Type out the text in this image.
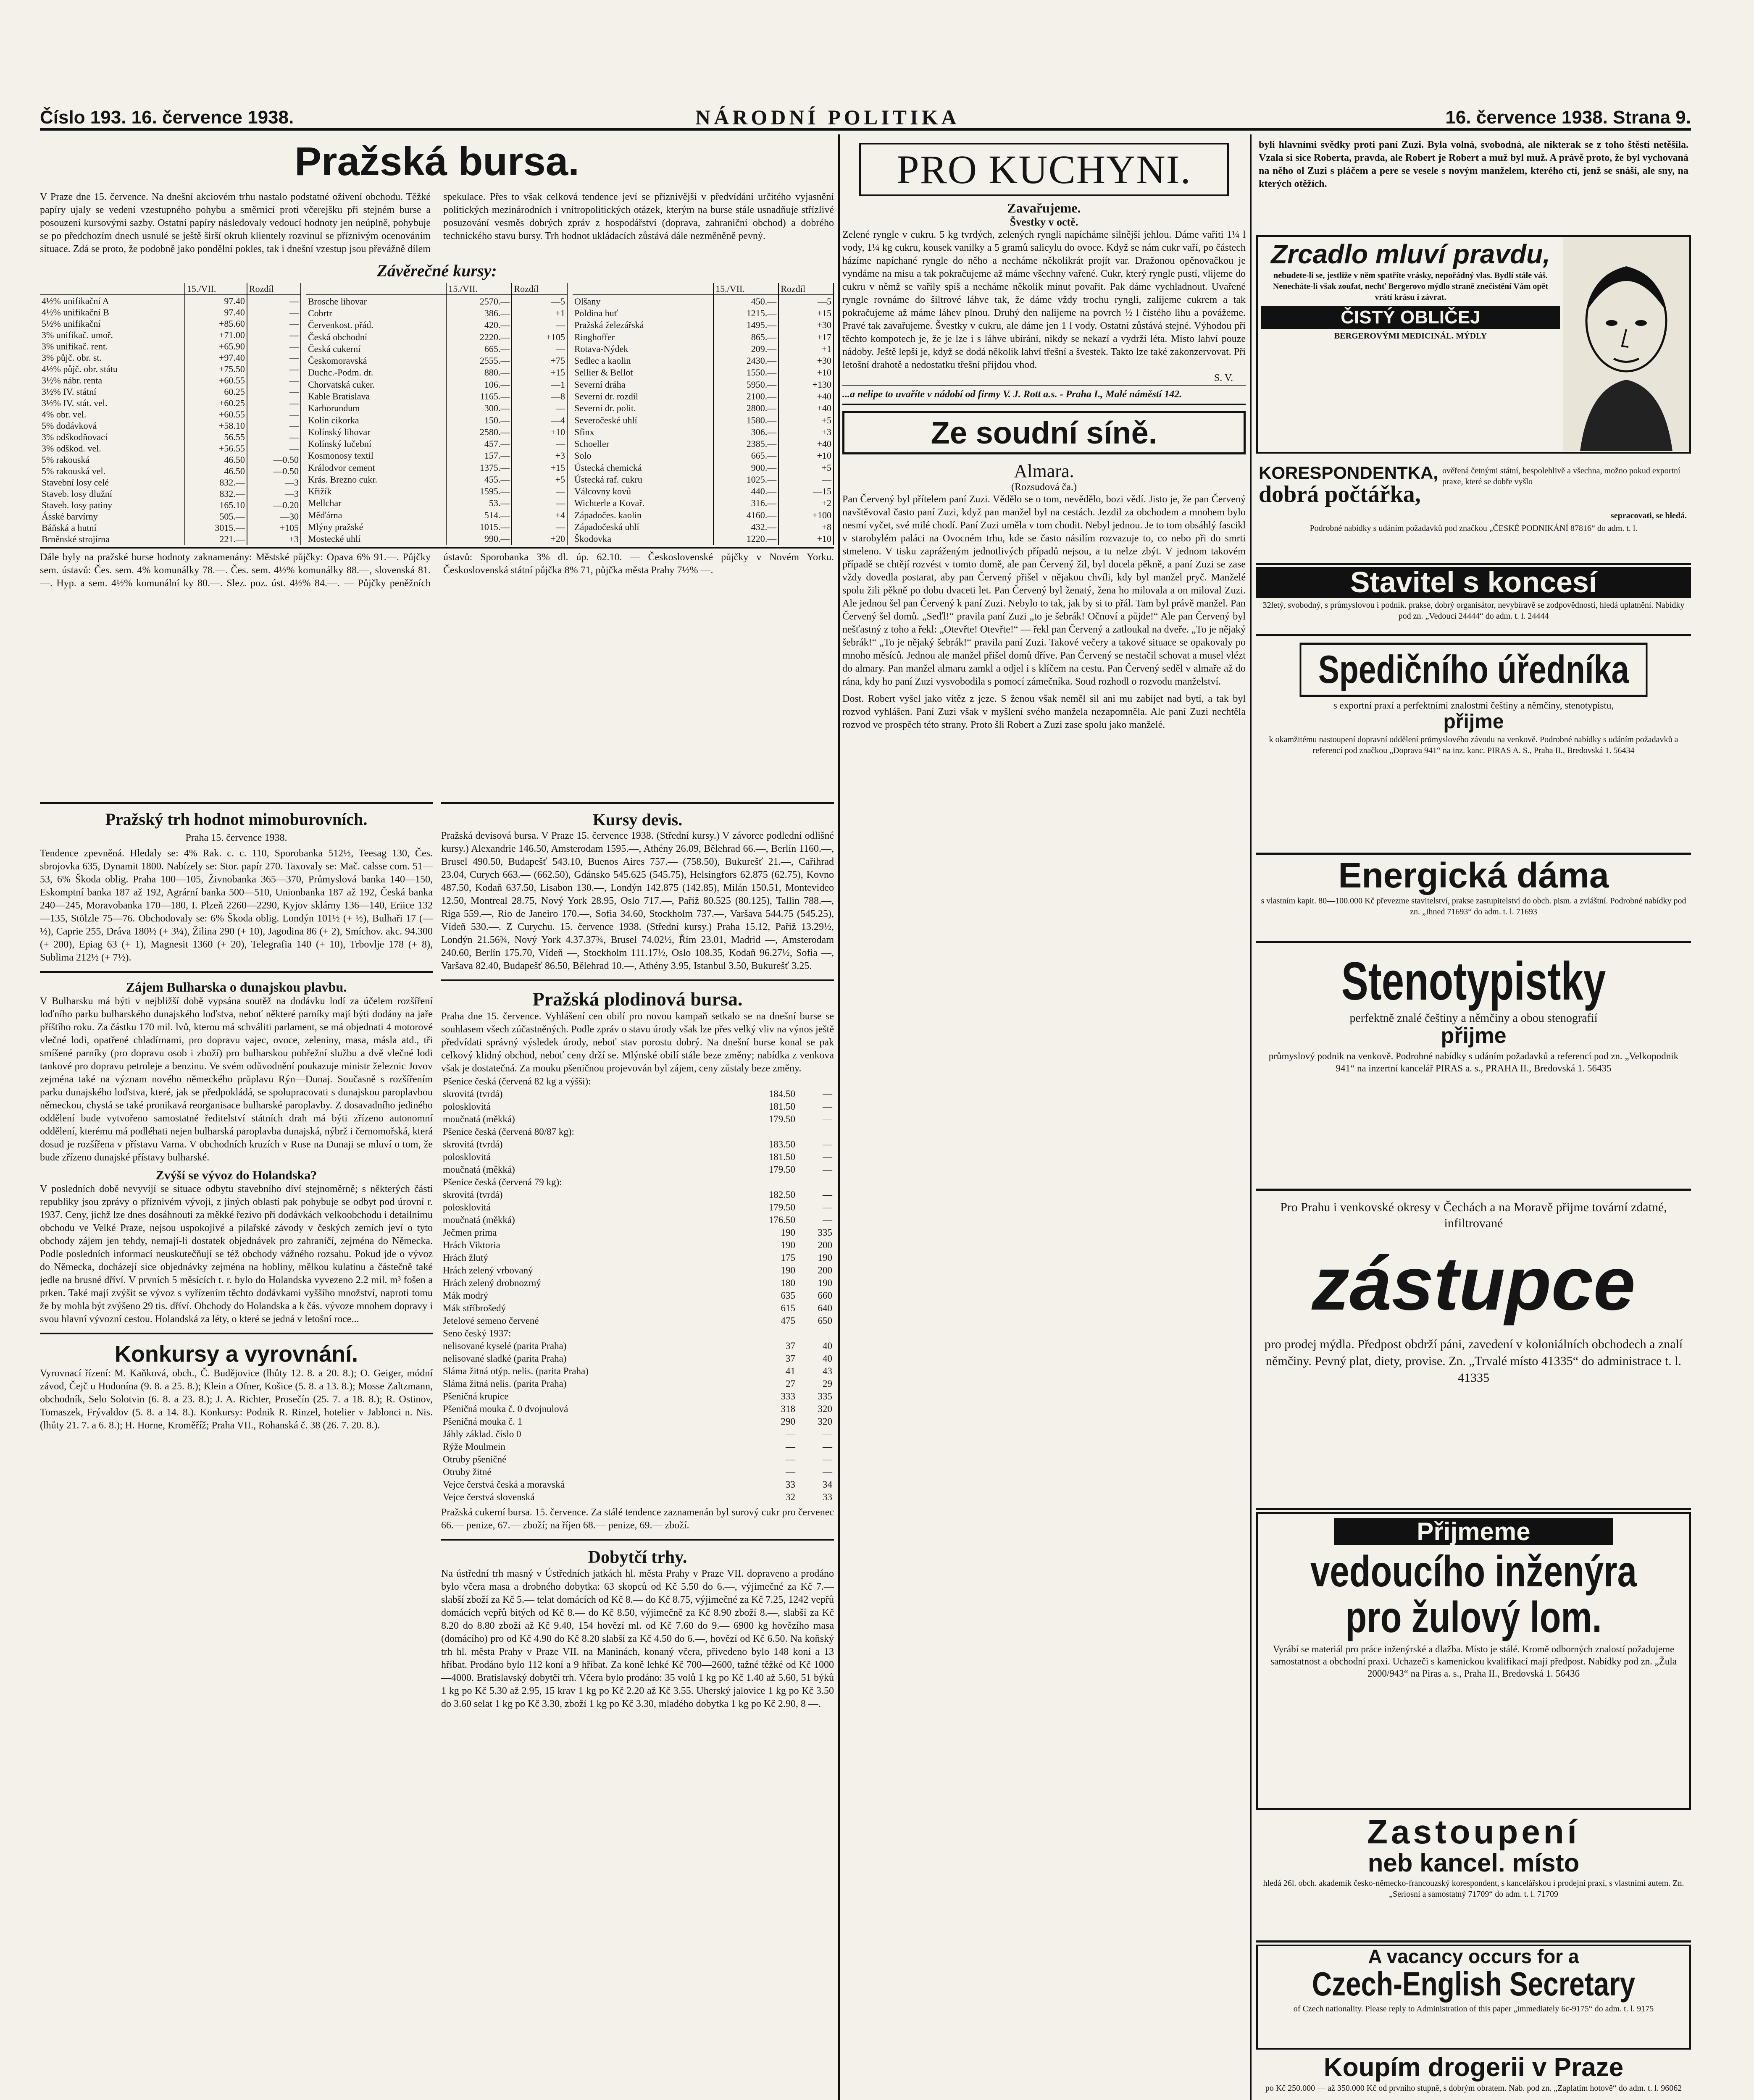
Číslo 193. 16. července 1938.	NÁRODNÍ POLITIKA	16. července 1938. Strana 9.
Pražská bursa.

V Praze dne 15. července. Na dnešní akciovém trhu nastalo podstatné oživení obchodu. Těžké papíry ujaly se vedení vzestupného pohybu a směrnicí proti včerejšku při stejném burse a posouzení kursovými sazby. Ostatní papíry následovaly vedoucí hodnoty jen neúplně, pohybuje se po předchozím dnech usnulé se ještě širší okruh klientely rozvinul se příznivým ocenováním situace. Zdá se proto, že podobně jako pondělní pokles, tak i dnešní vzestup jsou převážně dílem spekulace. Přes to však celková tendence jeví se příznivější v předvídání určitého vyjasnění politických mezinárodních i vnitropolitických otázek, kterým na burse stále usnadňuje střízlivé posuzování vesměs dobrých zpráv z hospodářství (doprava, zahraniční obchod) a dobrého technického stavu bursy. Trh hodnot ukládacích zůstává dále nezměněně pevný.

Závěrečné kursy:
	15./VII.	Rozdíl
4½% unifikační A	97.40	—
4½% unifikační B	97.40	—
5½% unifikační	+85.60	—
3% unifikač. umoř.	+71.00	—
3% unifikač. rent.	+65.90	—
3% půjč. obr. st.	+97.40	—
4½% půjč. obr. státu	+75.50	—
3½% nábr. renta	+60.55	—
3½% IV. státní	60.25	—
3½% IV. stát. vel.	+60.25	—
4% obr. vel.	+60.55	—
5% dodávková	+58.10	—
3% odškodňovací	56.55	—
3% odškod. vel.	+56.55	—
5% rakouská	46.50	—0.50
5% rakouská vel.	46.50	—0.50
Stavební losy celé	832.—	—3
Staveb. losy dlužní	832.—	—3
Staveb. losy patiny	165.10	—0.20
Ásské barvírny	505.—	—30
Báňská a hutní	3015.—	+105
Brněnské strojírna	221.—	+3
	15./VII.	Rozdíl
Brosche lihovar	2570.—	—5
Cobrtr	386.—	+1
Červenkost. přád.	420.—	—
Česká obchodní	2220.—	+105
Česká cukerní	665.—	—
Českomoravská	2555.—	+75
Duchc.-Podm. dr.	880.—	+15
Chorvatská cuker.	106.—	—1
Kable Bratislava	1165.—	—8
Karborundum	300.—	—
Kolín cikorka	150.—	—4
Kolínský lihovar	2580.—	+10
Kolínský lučební	457.—	—
Kosmonosy textil	157.—	+3
Králodvor cement	1375.—	+15
Krás. Brezno cukr.	455.—	+5
Křižík	1595.—	—
Mellchar	53.—	—
Měďárna	514.—	+4
Mlýny pražské	1015.—	—
Mostecké uhlí	990.—	+20
	15./VII.	Rozdíl
Olšany	450.—	—5
Poldina huť	1215.—	+15
Pražská železářská	1495.—	+30
Ringhoffer	865.—	+17
Rotava-Nýdek	209.—	+1
Sedlec a kaolin	2430.—	+30
Sellier & Bellot	1550.—	+10
Severní dráha	5950.—	+130
Severní dr. rozdíl	2100.—	+40
Severní dr. polit.	2800.—	+40
Severočeské uhlí	1580.—	+5
Sfinx	306.—	+3
Schoeller	2385.—	+40
Solo	665.—	+10
Ústecká chemická	900.—	+5
Ústecká raf. cukru	1025.—	—
Válcovny kovů	440.—	—15
Wichterle a Kovař.	316.—	+2
Západočes. kaolin	4160.—	+100
Západočeská uhlí	432.—	+8
Škodovka	1220.—	+10

Dále byly na pražské burse hodnoty zaknamenány: Městské půjčky: Opava 6% 91.—. Půjčky sem. ústavů: Čes. sem. 4% komunálky 78.—. Čes. sem. 4½% komunálky 88.—, slovenská 81.—. Hyp. a sem. 4½% komunální ky 80.—. Slez. poz. úst. 4½% 84.—. — Půjčky peněžních ústavů: Sporobanka 3% dl. úp. 62.10. — Československé půjčky v Novém Yorku. Československá státní půjčka 8% 71, půjčka města Prahy 7½% —.

Pražský trh hodnot mimoburovních.

Praha 15. července 1938.

Tendence zpevněná. Hledaly se: 4% Rak. c. c. 110, Sporobanka 512½, Teesag 130, Čes. sbrojovka 635, Dynamit 1800. Nabízely se: Stor. papír 270. Taxovaly se: Mač. calsse com. 51—53, 6% Škoda oblig. Praha 100—105, Živnobanka 365—370, Průmyslová banka 140—150, Eskomptní banka 187 až 192, Agrární banka 500—510, Unionbanka 187 až 192, Česká banka 240—245, Moravobanka 170—180, I. Plzeň 2260—2290, Kyjov sklárny 136—140, Eriice 132—135, Stölzle 75—76. Obchodovaly se: 6% Škoda oblig. Londýn 101½ (+ ½), Bulhaři 17 (— ½), Caprie 255, Dráva 180½ (+ 3¼), Žilina 290 (+ 10), Jagodina 86 (+ 2), Smíchov. akc. 94.300 (+ 200), Epiag 63 (+ 1), Magnesit 1360 (+ 20), Telegrafia 140 (+ 10), Trbovlje 178 (+ 8), Sublima 212½ (+ 7½).

Zájem Bulharska o dunajskou plavbu.

V Bulharsku má býti v nejbližší době vypsána soutěž na dodávku lodí za účelem rozšíření loďního parku bulharského dunajského loďstva, neboť některé parníky mají býti dodány na jaře příštího roku. Za částku 170 mil. lvů, kterou má schváliti parlament, se má objednati 4 motorové vlečné lodi, opatřené chladírnami, pro dopravu vajec, ovoce, zeleniny, masa, másla atd., tři smíšené parníky (pro dopravu osob i zboží) pro bulharskou pobřežní službu a dvě vlečné lodi tankové pro dopravu petroleje a benzinu. Ve svém odůvodnění poukazuje ministr železnic Jovov zejména také na význam nového německého průplavu Rýn—Dunaj. Současně s rozšířením parku dunajského loďstva, které, jak se předpokládá, se spolupracovati s dunajskou paroplavbou německou, chystá se také pronikavá reorganisace bulharské paroplavby. Z dosavadního jediného oddělení bude vytvořeno samostatné ředitelství státních drah má býti zřízeno autonomní oddělení, kterému má podléhati nejen bulharská paroplavba dunajská, nýbrž i černomořská, která dosud je rozšířena v přístavu Varna. V obchodních kruzích v Ruse na Dunaji se mluví o tom, že bude zřízeno dunajské přístavy bulharské.

Zvýší se vývoz do Holandska?

V posledních době nevyvíjí se situace odbytu stavebního díví stejnoměrně; s některých částí republiky jsou zprávy o příznivém vývoji, z jiných oblastí pak pohybuje se odbyt pod úrovní r. 1937. Ceny, jichž lze dnes dosáhnouti za měkké řezivo při dodávkách velkoobchodu i detailnímu obchodu ve Velké Praze, nejsou uspokojivé a pilařské závody v českých zemích jeví o tyto obchody zájem jen tehdy, nemají-li dostatek objednávek pro zahraničí, zejména do Německa. Podle posledních informací neuskutečňují se též obchody vážného rozsahu. Pokud jde o vývoz do Německa, docházejí sice objednávky zejména na hobliny, mělkou kulatinu a částečně také jedle na brusné dříví. V prvních 5 měsících t. r. bylo do Holandska vyvezeno 2.2 mil. m³ fošen a prken. Také mají zvýšit se vývoz s vyřízením těchto dodávkami vyššího množství, naproti tomu že by mohla být zvýšeno 29 tis. dříví. Obchody do Holandska a k čás. vývoze mnohem dopravy i svou hlavní vývozní cestou. Holandská za léty, o které se jedná v letošní roce...

Konkursy a vyrovnání.

Vyrovnací řízení: M. Kaňková, obch., Č. Budějovice (lhůty 12. 8. a 20. 8.); O. Geiger, módní závod, Čejč u Hodonína (9. 8. a 25. 8.); Klein a Ofner, Košice (5. 8. a 13. 8.); Mosse Zaltzmann, obchodník, Selo Solotvin (6. 8. a 23. 8.); J. A. Richter, Prosečín (25. 7. a 18. 8.); R. Ostinov, Tomaszek, Frývaldov (5. 8. a 14. 8.). Konkursy: Podnik R. Rinzel, hotelier v Jablonci n. Nis. (lhůty 21. 7. a 6. 8.); H. Horne, Kroměříž; Praha VII., Rohanská č. 38 (26. 7. 20. 8.).

Kursy devis.

Pražská devisová bursa. V Praze 15. července 1938. (Střední kursy.) V závorce podlední odlišné kursy.) Alexandrie 146.50, Amsterodam 1595.—, Athény 26.09, Bělehrad 66.—, Berlín 1160.—, Brusel 490.50, Budapešť 543.10, Buenos Aires 757.— (758.50), Bukurešť 21.—, Cařihrad 23.04, Curych 663.— (662.50), Gdánsko 545.625 (545.75), Helsingfors 62.875 (62.75), Kovno 487.50, Kodaň 637.50, Lisabon 130.—, Londýn 142.875 (142.85), Milán 150.51, Montevideo 12.50, Montreal 28.75, Nový York 28.95, Oslo 717.—, Paříž 80.525 (80.125), Tallin 788.—, Riga 559.—, Rio de Janeiro 170.—, Sofia 34.60, Stockholm 737.—, Varšava 544.75 (545.25), Vídeň 530.—. Z Curychu. 15. července 1938. (Střední kursy.) Praha 15.12, Paříž 13.29½, Londýn 21.56¾, Nový York 4.37.37¾, Brusel 74.02½, Řím 23.01, Madrid —, Amsterodam 240.60, Berlín 175.70, Vídeň —, Stockholm 111.17½, Oslo 108.35, Kodaň 96.27½, Sofia —, Varšava 82.40, Budapešť 86.50, Bělehrad 10.—, Athény 3.95, Istanbul 3.50, Bukurešť 3.25.

Pražská plodinová bursa.

Praha dne 15. července. Vyhlášení cen obilí pro novou kampaň setkalo se na dnešní burse se souhlasem všech zúčastněných. Podle zpráv o stavu úrody však lze přes velký vliv na výnos ještě předvídati správný výsledek úrody, neboť stav porostu dobrý. Na dnešní burse konal se pak celkový klidný obchod, neboť ceny drží se. Mlýnské obilí stále beze změny; nabídka z venkova však je dostatečná. Za mouku pšeničnou projevován byl zájem, ceny zůstaly beze změny.

Pšenice česká (červená 82 kg a výšši):		
skrovitá (tvrdá)	184.50	—
polosklovitá	181.50	—
moučnatá (měkká)	179.50	—
Pšenice česká (červená 80/87 kg):		
skrovitá (tvrdá)	183.50	—
polosklovitá	181.50	—
moučnatá (měkká)	179.50	—
Pšenice česká (červená 79 kg):		
skrovitá (tvrdá)	182.50	—
polosklovitá	179.50	—
moučnatá (měkká)	176.50	—
Ječmen prima	190	335
Hrách Viktoria	190	200
Hrách žlutý	175	190
Hrách zelený vrbovaný	190	200
Hrách zelený drobnozrný	180	190
Mák modrý	635	660
Mák stříbrošedý	615	640
Jetelové semeno červené	475	650
Seno český 1937:		
nelisované kyselé (parita Praha)	37	40
nelisované sladké (parita Praha)	37	40
Sláma žitná otýp. nelis. (parita Praha)	41	43
Sláma žitná nelis. (parita Praha)	27	29
Pšeničná krupice	333	335
Pšeničná mouka č. 0 dvojnulová	318	320
Pšeničná mouka č. 1	290	320
Jáhly základ. číslo 0	—	—
Rýže Moulmein	—	—
Otruby pšeničné	—	—
Otruby žitné	—	—
Vejce čerstvá česká a moravská	33	34
Vejce čerstvá slovenská	32	33

Pražská cukerní bursa. 15. července. Za stálé tendence zaznamenán byl surový cukr pro červenec 66.— penize, 67.— zboží; na říjen 68.— penize, 69.— zboží.

Dobytčí trhy.

Na ústřední trh masný v Ústředních jatkách hl. města Prahy v Praze VII. dopraveno a prodáno bylo včera masa a drobného dobytka: 63 skopců od Kč 5.50 do 6.—, výjimečné za Kč 7.— slabší zboží za Kč 5.— telat domácích od Kč 8.— do Kč 8.75, výjimečné za Kč 7.25, 1242 vepřů domácích vepřů bitých od Kč 8.— do Kč 8.50, výjimečně za Kč 8.90 zboží 8.—, slabší za Kč 8.20 do 8.80 zboží až Kč 9.40, 154 hovězí ml. od Kč 7.60 do 9.— 6900 kg hovězího masa (domácího) pro od Kč 4.90 do Kč 8.20 slabší za Kč 4.50 do 6.—, hovězí od Kč 6.50. Na koňský trh hl. města Prahy v Praze VII. na Maninách, konaný včera, přivedeno bylo 148 koní a 13 hříbat. Prodáno bylo 112 koní a 9 hříbat. Za koně lehké Kč 700—2600, tažné těžké od Kč 1000—4000. Bratislavský dobytčí trh. Včera bylo prodáno: 35 volů 1 kg po Kč 1.40 až 5.60, 51 býků 1 kg po Kč 5.30 až 2.95, 15 krav 1 kg po Kč 2.20 až Kč 3.55. Uherský jalovice 1 kg po Kč 3.50 do 3.60 selat 1 kg po Kč 3.30, zboží 1 kg po Kč 3.30, mladého dobytka 1 kg po Kč 2.90, 8 —.

PRO KUCHYNI.
Zavařujeme.
Švestky v octě.

Zelené ryngle v cukru. 5 kg tvrdých, zelených ryngli napícháme silnější jehlou. Dáme vařiti 1¼ l vody, 1¼ kg cukru, kousek vanilky a 5 gramů salicylu do ovoce. Když se nám cukr vaří, po částech házíme napíchané ryngle do něho a necháme několikrát projít var. Dražonou opěnovačkou je vyndáme na misu a tak pokračujeme až máme všechny vařené. Cukr, který ryngle pustí, vlijeme do cukru v němž se vařily spíš a necháme několik minut povařit. Pak dáme vychladnout. Uvařené ryngle rovnáme do šiltrové láhve tak, že dáme vždy trochu ryngli, zalijeme cukrem a tak pokračujeme až máme láhev plnou. Druhý den nalijeme na povrch ½ l čistého lihu a povážeme. Pravé tak zavařujeme. Švestky v cukru, ale dáme jen 1 l vody. Ostatní zůstává stejné. Výhodou při těchto kompotech je, že je lze i s láhve ubírání, nikdy se nekazí a vydrží léta. Místo lahví pouze nádoby. Ještě lepší je, když se dodá několik lahví třešní a švestek. Takto lze také zakonzervovat. Při letošní drahotě a nedostatku třešní přijdou vhod.

S. V.

...a nelipe to uvaříte v nádobí od firmy V. J. Rott a.s. - Praha I., Malé náměstí 142.

Ze soudní síně.
Almara.
(Rozsudová ča.)

Pan Červený byl přítelem paní Zuzi. Vědělo se o tom, nevědělo, bozi vědí. Jisto je, že pan Červený navštěvoval často paní Zuzi, když pan manžel byl na cestách. Jezdil za obchodem a mnohem bylo nesmí vyčet, své milé chodí. Paní Zuzi uměla v tom chodit. Nebyl jednou. Je to tom obsáhlý fascikl v starobylém paláci na Ovocném trhu, kde se často násilím rozvazuje to, co nebo při do smrti stmeleno. V tisku zapráženým jednotlivých případů nejsou, a tu nelze zbýt. V jednom takovém případě se chtějí rozvést v tomto domě, ale pan Červený žil, byl docela pěkně, a paní Zuzi se zase vždy dovedla postarat, aby pan Červený přišel v nějakou chvíli, kdy byl manžel pryč. Manželé spolu žili pěkně po dobu dvaceti let. Pan Červený byl ženatý, žena ho milovala a on miloval Zuzi. Ale jednou šel pan Červený k paní Zuzi. Nebylo to tak, jak by si to přál. Tam byl právě manžel. Pan Červený šel domů. „Seďl!“ pravila paní Zuzi „to je šebrák! Očnoví a půjde!“ Ale pan Červený byl nešťastný z toho a řekl: „Otevřte! Otevřte!“ — řekl pan Červený a zatloukal na dveře. „To je nějaký šebrák!“ „To je nějaký šebrák!“ pravila paní Zuzi. Takové večery a takové situace se opakovaly po mnoho měsíců. Jednou ale manžel přišel domů dříve. Pan Červený se nestačil schovat a musel vlézt do almary. Pan manžel almaru zamkl a odjel i s klíčem na cestu. Pan Červený seděl v almaře až do rána, kdy ho paní Zuzi vysvobodila s pomocí zámečníka. Soud rozhodl o rozvodu manželství.

Dost. Robert vyšel jako vítěz z jeze. S ženou však neměl sil ani mu zabíjet nad bytí, a tak byl rozvod vyhlášen. Paní Zuzi však v myšlení svého manžela nezapomněla. Ale paní Zuzi nechtěla rozvod ve prospěch této strany. Proto šli Robert a Zuzi zase spolu jako manželé.

byli hlavními svědky proti paní Zuzi. Byla volná, svobodná, ale nikterak se z toho štěstí netěšila. Vzala si sice Roberta, pravda, ale Robert je Robert a muž byl muž. A právě proto, že byl vychovaná na něho ol Zuzi s pláčem a pere se vesele s novým manželem, kterého ctí, jenž se snáší, ale sny, na kterých otěžích.

Zrcadlo mluví pravdu,

nebudete-li se, jestliže v něm spatříte vrásky, nepořádný vlas. Bydlí stále váš. Nenecháte-li však zoufat, nechť Bergerovo mýdlo straně znečistění Vám opět vrátí krásu i závrat.

ČISTÝ OBLIČEJ

BERGEROVÝMI MEDICINÁL. MÝDLY

KORESPONDENTKA,

dobrá počtářka,

ověřená četnými státní, bespolehlivě a všechna, možno pokud exportní praxe, které se dobře vyšlo

sepracovati, se hledá.

Podrobné nabídky s udáním požadavků pod značkou „ČESKÉ PODNIKÁNÍ 87816“ do adm. t. l.

Stavitel s koncesí

32letý, svobodný, s průmyslovou i podnik. prakse, dobrý organisátor, nevybíravě se zodpovědností, hledá uplatnění. Nabídky pod zn. „Vedoucí 24444“ do adm. t. l. 24444

Spedičního úředníka

s exportní praxí a perfektními znalostmi češtiny a němčiny, stenotypistu,

přijme

k okamžitému nastoupení dopravní oddělení průmyslového závodu na venkově. Podrobné nabídky s udáním požadavků a referencí pod značkou „Doprava 941“ na inz. kanc. PIRAS A. S., Praha II., Bredovská 1. 56434

Energická dáma

s vlastním kapit. 80—100.000 Kč převezme stavitelství, prakse zastupitelství do obch. pism. a zvláštní. Podrobné nabídky pod zn. „Ihned 71693“ do adm. t. l. 71693

Stenotypistky

perfektně znalé češtiny a němčiny a obou stenografií

přijme

průmyslový podnik na venkově. Podrobné nabídky s udáním požadavků a referencí pod zn. „Velkopodnik 941“ na inzertní kancelář PIRAS a. s., PRAHA II., Bredovská 1. 56435

Pro Prahu i venkovské okresy v Čechách a na Moravě přijme tovární zdatné, infiltrované

zástupce

pro prodej mýdla. Předpost obdrží páni, zavedení v koloniálních obchodech a znalí němčiny. Pevný plat, diety, provise. Zn. „Trvalé místo 41335“ do administrace t. l. 41335

Přijmeme

vedoucího inženýra pro žulový lom.

Vyrábí se materiál pro práce inženýrské a dlažba. Místo je stálé. Kromě odborných znalostí požadujeme samostatnost a obchodní praxi. Uchazeči s kamenickou kvalifikací mají předpost. Nabídky pod zn. „Žula 2000/943“ na Piras a. s., Praha II., Bredovská 1. 56436

Zastoupení

neb kancel. místo

hledá 26l. obch. akademik česko-německo-francouzský korespondent, s kancelářskou i prodejní praxí, s vlastními autem. Zn. „Seriosní a samostatný 71709“ do adm. t. l. 71709

A vacancy occurs for a

Czech-English Secretary

of Czech nationality. Please reply to Administration of this paper „immediately 6c-9175“ do adm. t. l. 9175

Koupím drogerii v Praze

po Kč 250.000 — až 350.000 Kč od prvního stupně, s dobrým obratem. Nab. pod zn. „Zaplatím hotově“ do adm. t. l. 96062
